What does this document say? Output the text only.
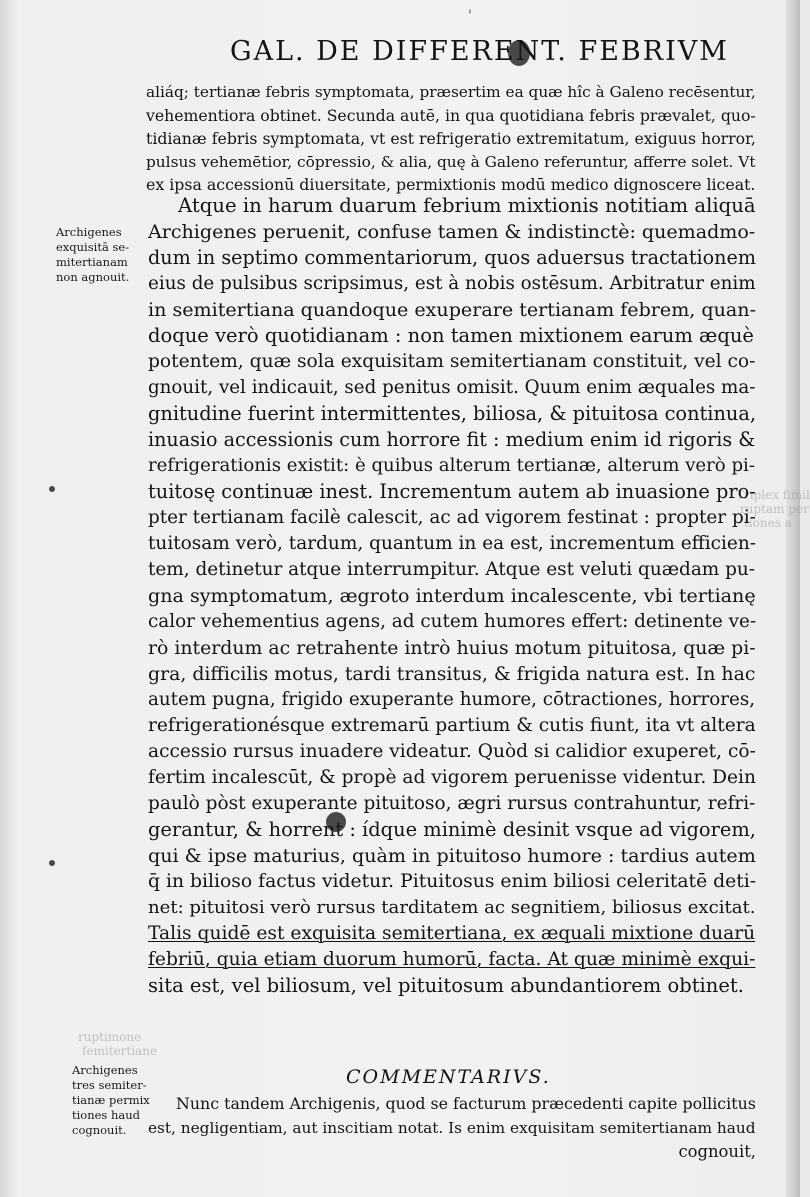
'
Triplex fimil
ruptam per
tiones a
ruptimone
ſemitertiane
GAL. DE DIFFERENT. FEBRIVM
aliáq; tertianæ febris symptomata, præsertim ea quæ hîc à Galeno recēsentur,
vehementiora obtinet. Secunda autē, in qua quotidiana febris prævalet, quo-
tidianæ febris symptomata, vt est refrigeratio extremitatum, exiguus horror,
pulsus vehemētior, cōpressio, & alia, quę à Galeno referuntur, afferre solet. Vt
ex ipsa accessionū diuersitate, permixtionis modū medico dignoscere liceat.
Atque in harum duarum febrium mixtionis notitiam aliquā
Archigenes peruenit, confuse tamen & indistinctè: quemadmo-
dum in septimo commentariorum, quos aduersus tractationem
eius de pulsibus scripsimus, est à nobis ostēsum. Arbitratur enim
in semitertiana quandoque exuperare tertianam febrem, quan-
doque verò quotidianam : non tamen mixtionem earum æquè
potentem, quæ sola exquisitam semitertianam constituit, vel co-
gnouit, vel indicauit, sed penitus omisit. Quum enim æquales ma-
gnitudine fuerint intermittentes, biliosa, & pituitosa continua,
inuasio accessionis cum horrore fit : medium enim id rigoris &
refrigerationis existit: è quibus alterum tertianæ, alterum verò pi-
tuitosę continuæ inest. Incrementum autem ab inuasione pro-
pter tertianam facilè calescit, ac ad vigorem festinat : propter pi-
tuitosam verò, tardum, quantum in ea est, incrementum efficien-
tem, detinetur atque interrumpitur. Atque est veluti quædam pu-
gna symptomatum, ægroto interdum incalescente, vbi tertianę
calor vehementius agens, ad cutem humores effert: detinente ve-
rò interdum ac retrahente intrò huius motum pituitosa, quæ pi-
gra, difficilis motus, tardi transitus, & frigida natura est. In hac
autem pugna, frigido exuperante humore, cōtractiones, horrores,
refrigerationésque extremarū partium & cutis fiunt, ita vt altera
accessio rursus inuadere videatur. Quòd si calidior exuperet, cō-
fertim incalescūt, & propè ad vigorem peruenisse videntur. Dein
paulò pòst exuperante pituitoso, ægri rursus contrahuntur, refri-
gerantur, & horrent : ídque minimè desinit vsque ad vigorem,
qui & ipse maturius, quàm in pituitoso humore : tardius autem
q̄ in bilioso factus videtur. Pituitosus enim biliosi celeritatē deti-
net: pituitosi verò rursus tarditatem ac segnitiem, biliosus excitat.
Talis quidē est exquisita semitertiana, ex æquali mixtione duarū
febriū, quia etiam duorum humorū, facta. At quæ minimè exqui-
sita est, vel biliosum, vel pituitosum abundantiorem obtinet.
COMMENTARIVS.
Nunc tandem Archigenis, quod se facturum præcedenti capite pollicitus
est, negligentiam, aut inscitiam notat. Is enim exquisitam semitertianam haud
cognouit,
Archigenes
exquisitā se-
mitertianam
non agnouit.
Archigenes
tres semiter-
tianæ permix
tiones haud
cognouit.
